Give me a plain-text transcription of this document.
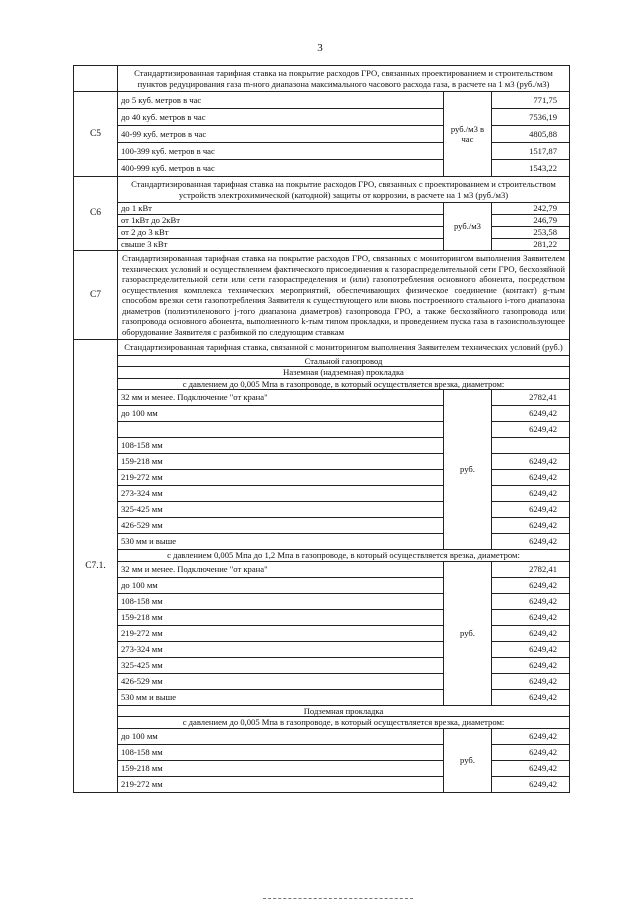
3
	Стандартизированная тарифная ставка на покрытие расходов ГРО, связанных проектированием и строительством пунктов редуцирования газа m-ного диапазона максимального часового расхода газа, в расчете на 1 м3 (руб./м3)		
С5	до 5 куб. метров в час	руб./м3 в час	771,75
	до 40 куб. метров в час		7536,19
	40-99 куб. метров в час		4805,88
	100-399 куб. метров в час		1517,87
	400-999 куб. метров в час		1543,22
С6	Стандартизированная тарифная ставка на покрытие расходов ГРО, связанных с проектированием и строительством устройств электрохимической (катодной) защиты от коррозии, в расчете на 1 м3 (руб./м3)		
	до 1 кВт	руб./м3	242,79
	от 1кВт до 2кВт		246,79
	от 2 до 3 кВт		253,58
	свыше 3 кВт		281,22
С7	Стандартизированная тарифная ставка на покрытие расходов ГРО, связанных с мониторингом выполнения Заявителем технических условий и осуществлением фактического присоединения к газораспределительной сети ГРО, бесхозяйной газораспределительной сети или сети газораспределения и (или) газопотребления основного абонента, посредством осуществления комплекса технических мероприятий, обеспечивающих физическое соединение (контакт) g-тым способом врезки сети газопотребления Заявителя к существующего или вновь построенного стального i-того диапазона диаметров (полиэтиленового j-того диапазона диаметров) газопровода ГРО, а также бесхозяйного газопровода или газопровода основного абонента, выполненного k-тым типом прокладки, и проведением пуска газа в газоиспользующее оборудование Заявителя с разбивкой по следующим ставкам		
С7.1.	Стандартизированная тарифная ставка, связанной с мониторингом выполнения Заявителем технических условий (руб.)		
	Стальной газопровод		
	Наземная (надземная) прокладка		
	с давлением до 0,005 Мпа в газопроводе, в который осуществляется врезка, диаметром:		
	32 мм и менее. Подключение "от крана"	руб.	2782,41
	до 100 мм		6249,42
			6249,42
	108-158 мм		
	159-218 мм		6249,42
	219-272 мм		6249,42
	273-324 мм		6249,42
	325-425 мм		6249,42
	426-529 мм		6249,42
	530 мм и выше		6249,42
	с давлением 0,005 Мпа до 1,2 Мпа в газопроводе, в который осуществляется врезка, диаметром:		
	32 мм и менее. Подключение "от крана"	руб.	2782,41
	до 100 мм		6249,42
	108-158 мм		6249,42
	159-218 мм		6249,42
	219-272 мм		6249,42
	273-324 мм		6249,42
	325-425 мм		6249,42
	426-529 мм		6249,42
	530 мм и выше		6249,42
	Подземная прокладка		
	с давлением до 0,005 Мпа в газопроводе, в который осуществляется врезка, диаметром:		
	до 100 мм	руб.	6249,42
	108-158 мм		6249,42
	159-218 мм		6249,42
	219-272 мм		6249,42
